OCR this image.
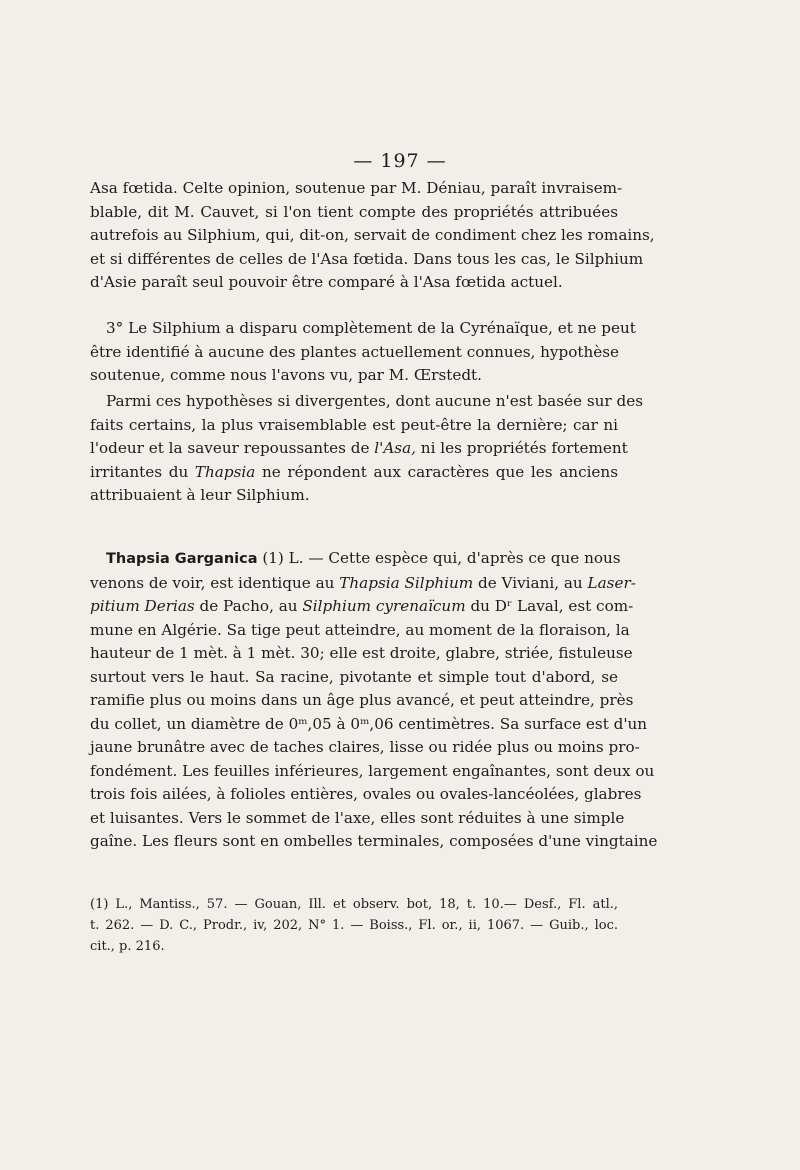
— 197 —
Asa fœtida. Celte opinion, soutenue par M. Déniau, paraît invraisem-
blable, dit M. Cauvet, si l'on tient compte des propriétés attribuées
autrefois au Silphium, qui, dit-on, servait de condiment chez les romains,
et si différentes de celles de l'Asa fœtida. Dans tous les cas, le Silphium
d'Asie paraît seul pouvoir être comparé à l'Asa fœtida actuel.
3° Le Silphium a disparu complètement de la Cyrénaïque, et ne peut
être identifié à aucune des plantes actuellement connues, hypothèse
soutenue, comme nous l'avons vu, par M. Œrstedt.
Parmi ces hypothèses si divergentes, dont aucune n'est basée sur des
faits certains, la plus vraisemblable est peut-être la dernière; car ni
l'odeur et la saveur repoussantes de l'Asa, ni les propriétés fortement
irritantes du Thapsia ne répondent aux caractères que les anciens
attribuaient à leur Silphium.
Thapsia Garganica (1) L. — Cette espèce qui, d'après ce que nous
venons de voir, est identique au Thapsia Silphium de Viviani, au Laser-
pitium Derias de Pacho, au Silphium cyrenaïcum du Dʳ Laval, est com-
mune en Algérie. Sa tige peut atteindre, au moment de la floraison, la
hauteur de 1 mèt. à 1 mèt. 30; elle est droite, glabre, striée, fistuleuse
surtout vers le haut. Sa racine, pivotante et simple tout d'abord, se
ramifie plus ou moins dans un âge plus avancé, et peut atteindre, près
du collet, un diamètre de 0ᵐ,05 à 0ᵐ,06 centimètres. Sa surface est d'un
jaune brunâtre avec de taches claires, lisse ou ridée plus ou moins pro-
fondément. Les feuilles inférieures, largement engaînantes, sont deux ou
trois fois ailées, à folioles entières, ovales ou ovales-lancéolées, glabres
et luisantes. Vers le sommet de l'axe, elles sont réduites à une simple
gaîne. Les fleurs sont en ombelles terminales, composées d'une vingtaine
(1) L., Mantiss., 57. — Gouan, Ill. et observ. bot, 18, t. 10.— Desf., Fl. atl.,
t. 262. — D. C., Prodr., iv, 202, N° 1. — Boiss., Fl. or., ii, 1067. — Guib., loc.
cit., p. 216.
